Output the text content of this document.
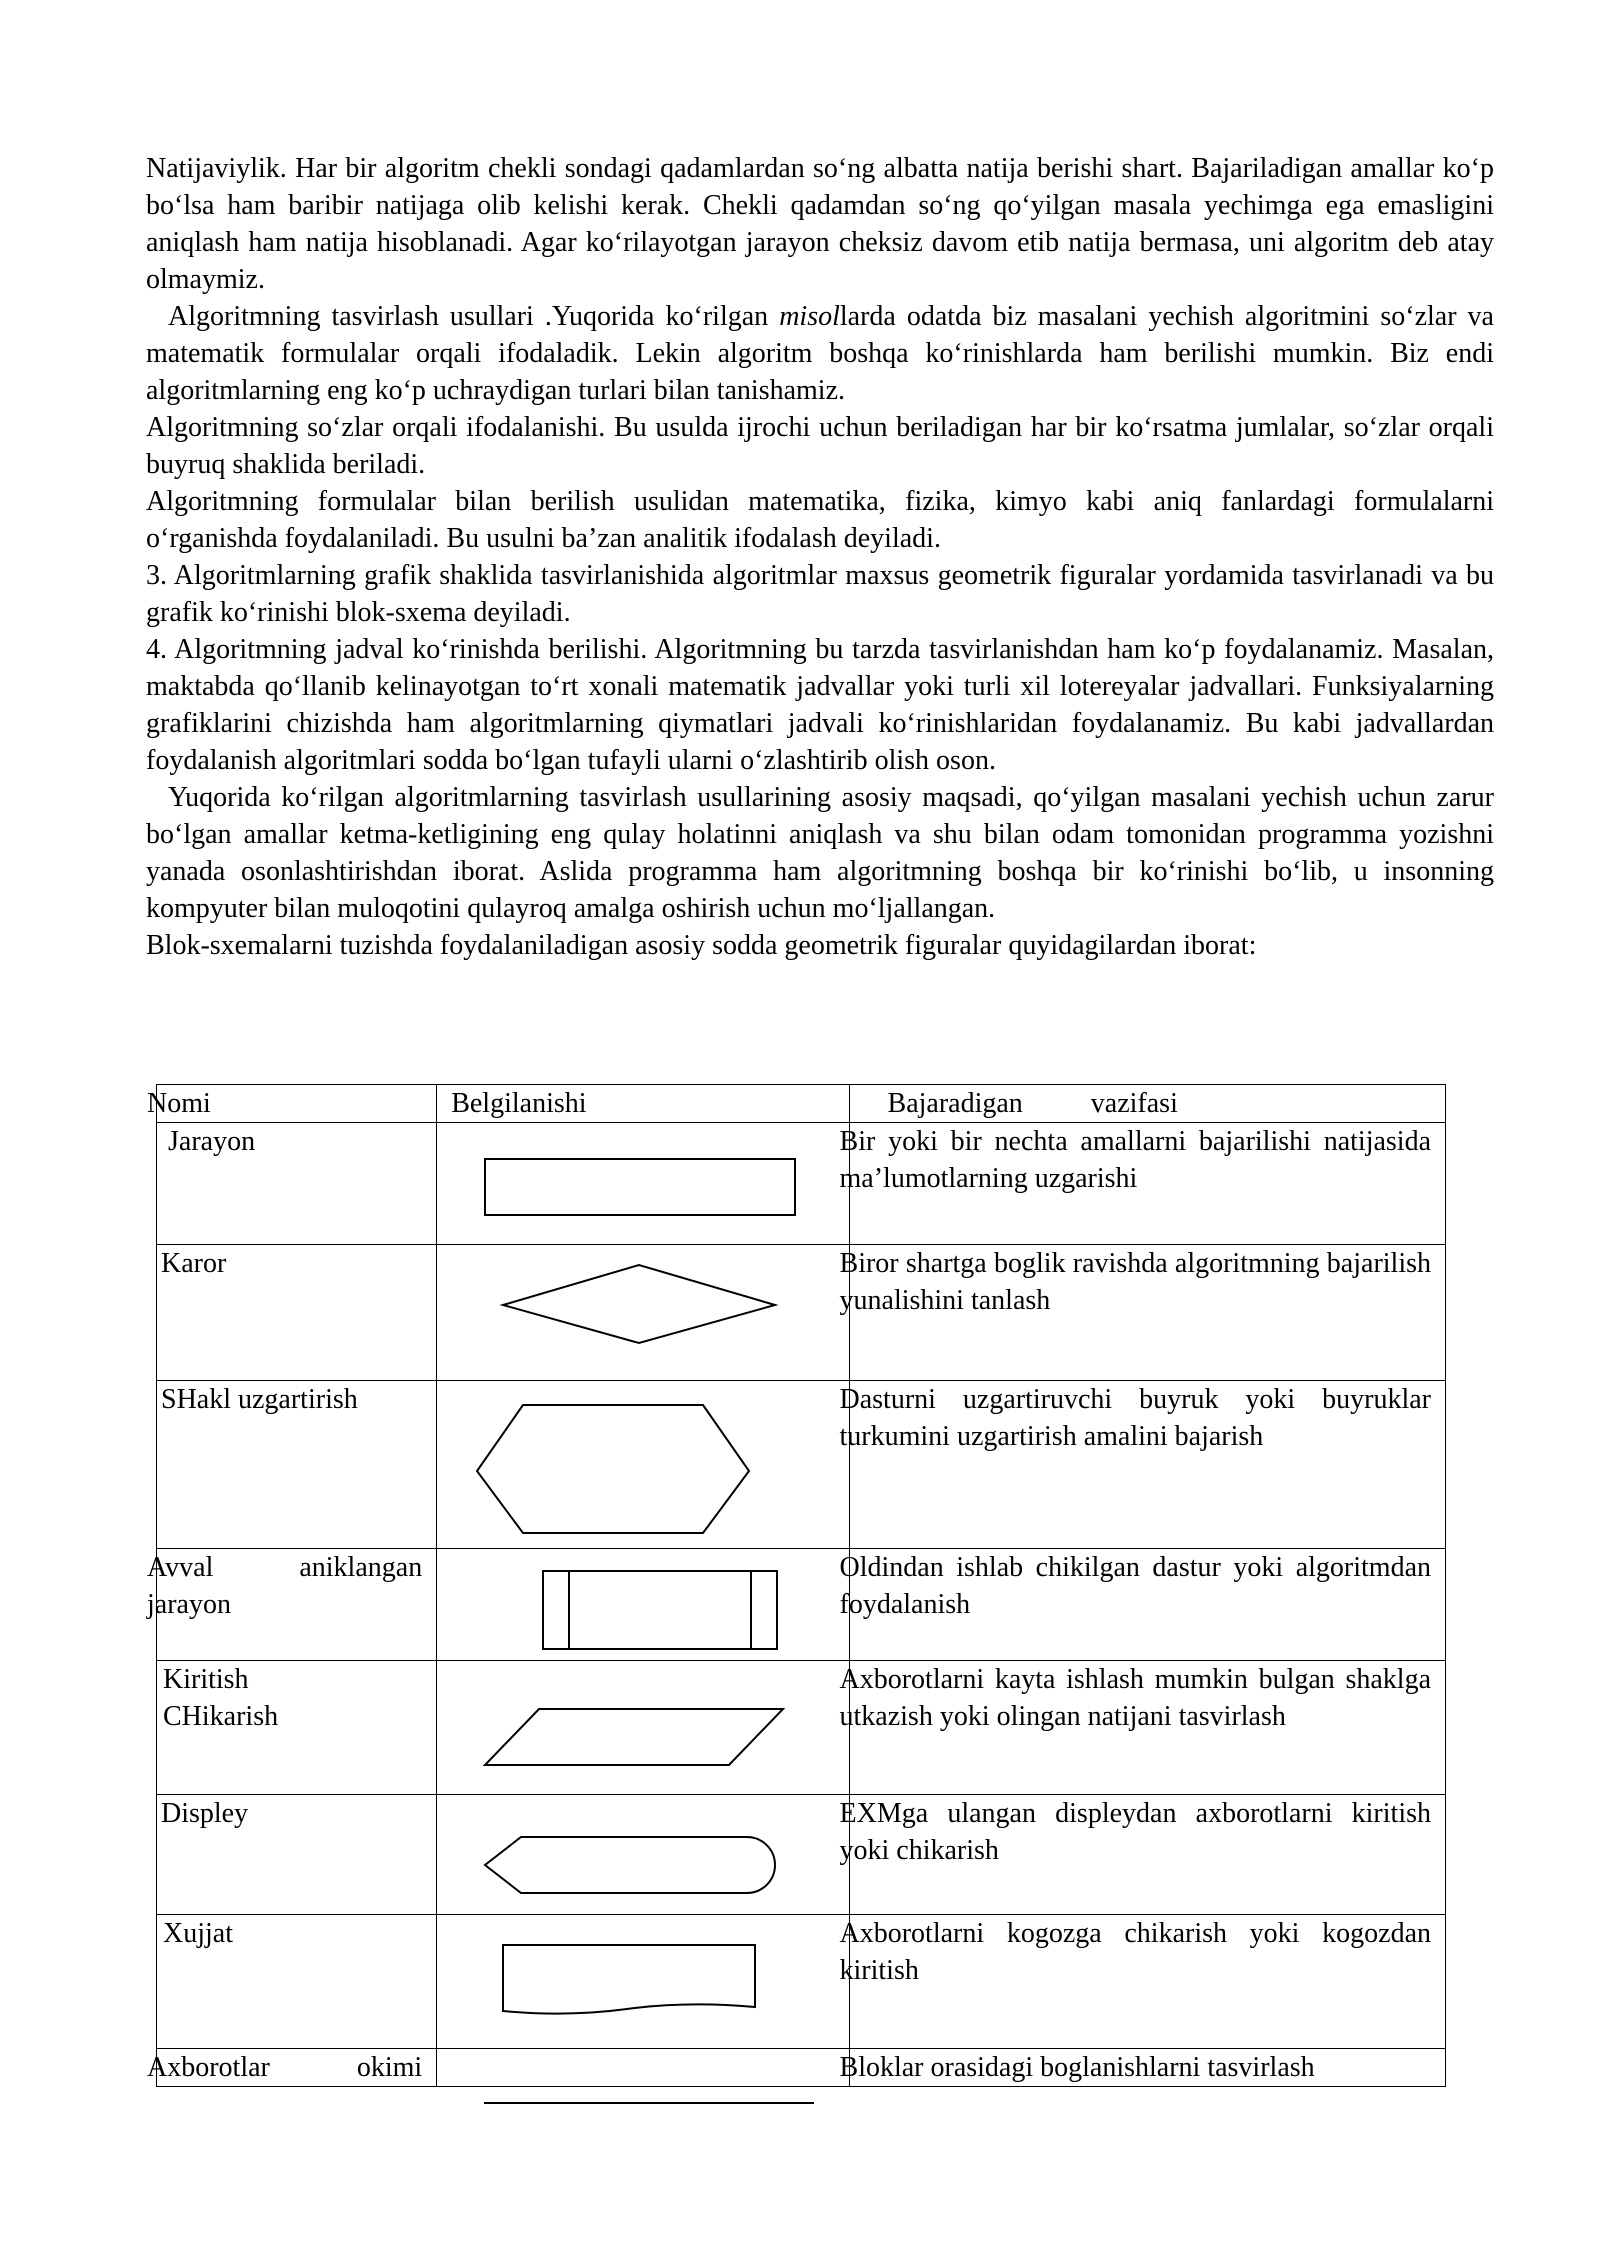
Natijaviylik. Har bir algoritm chekli sondagi qadamlardan so‘ng albatta natija berishi shart. Bajariladigan amallar ko‘p bo‘lsa ham baribir natijaga olib kelishi kerak. Chekli qadamdan so‘ng qo‘yilgan masala yechimga ega emasligini aniqlash ham natija hisoblanadi. Agar ko‘rilayotgan jarayon cheksiz davom etib natija bermasa, uni algoritm deb atay olmaymiz.

Algoritmning tasvirlash usullari .Yuqorida ko‘rilgan misollarda odatda biz masalani yechish algoritmini so‘zlar va matematik formulalar orqali ifodaladik. Lekin algoritm boshqa ko‘rinishlarda ham berilishi mumkin. Biz endi algoritmlarning eng ko‘p uchraydigan turlari bilan tanishamiz.

Algoritmning so‘zlar orqali ifodalanishi. Bu usulda ijrochi uchun beriladigan har bir ko‘rsatma jumlalar, so‘zlar orqali buyruq shaklida beriladi.

Algoritmning formulalar bilan berilish usulidan matematika, fizika, kimyo kabi aniq fanlardagi formulalarni o‘rganishda foydalaniladi. Bu usulni ba’zan analitik ifodalash deyiladi.

3. Algoritmlarning grafik shaklida tasvirlanishida algoritmlar maxsus geometrik figuralar yordamida tasvirlanadi va bu grafik ko‘rinishi blok-sxema deyiladi.

4. Algoritmning jadval ko‘rinishda berilishi. Algoritmning bu tarzda tasvirlanishdan ham ko‘p foydalanamiz. Masalan, maktabda qo‘llanib kelinayotgan to‘rt xonali matematik jadvallar yoki turli xil lotereyalar jadvallari. Funksiyalarning grafiklarini chizishda ham algoritmlarning qiymatlari jadvali ko‘rinishlaridan foydalanamiz. Bu kabi jadvallardan foydalanish algoritmlari sodda bo‘lgan tufayli ularni o‘zlashtirib olish oson.

Yuqorida ko‘rilgan algoritmlarning tasvirlash usullarining asosiy maqsadi, qo‘yilgan masalani yechish uchun zarur bo‘lgan amallar ketma-ketligining eng qulay holatinni aniqlash va shu bilan odam tomonidan programma yozishni yanada osonlashtirishdan iborat. Aslida programma ham algoritmning boshqa bir ko‘rinishi bo‘lib, u insonning kompyuter bilan muloqotini qulayroq amalga oshirish uchun mo‘ljallangan.

Blok-sxemalarni tuzishda foydalaniladigan asosiy sodda geometrik figuralar quyidagilardan iborat:

Nomi	Belgilanishi	Bajaradigan    vazifasi

Jarayon		Bir yoki bir nechta amallarni bajarilishi natijasida ma’lumotlarning uzgarishi

Karor		Biror shartga boglik ravishda algoritmning bajarilish yunalishini tanlash

SHakl uzgartirish		Dasturni uzgartiruvchi buyruk yoki buyruklar turkumini uzgartirish amalini bajarish

Avval aniklangan jarayon		Oldindan ishlab chikilgan dastur yoki algoritmdan foydalanish

Kiritish CHikarish		Axborotlarni kayta ishlash mumkin bulgan shaklga utkazish yoki olingan natijani tasvirlash

Displey		EXMga ulangan displeydan axborotlarni kiritish yoki chikarish

Xujjat		Axborotlarni kogozga chikarish yoki kogozdan kiritish

Axborotlar okimi		Bloklar orasidagi boglanishlarni tasvirlash
